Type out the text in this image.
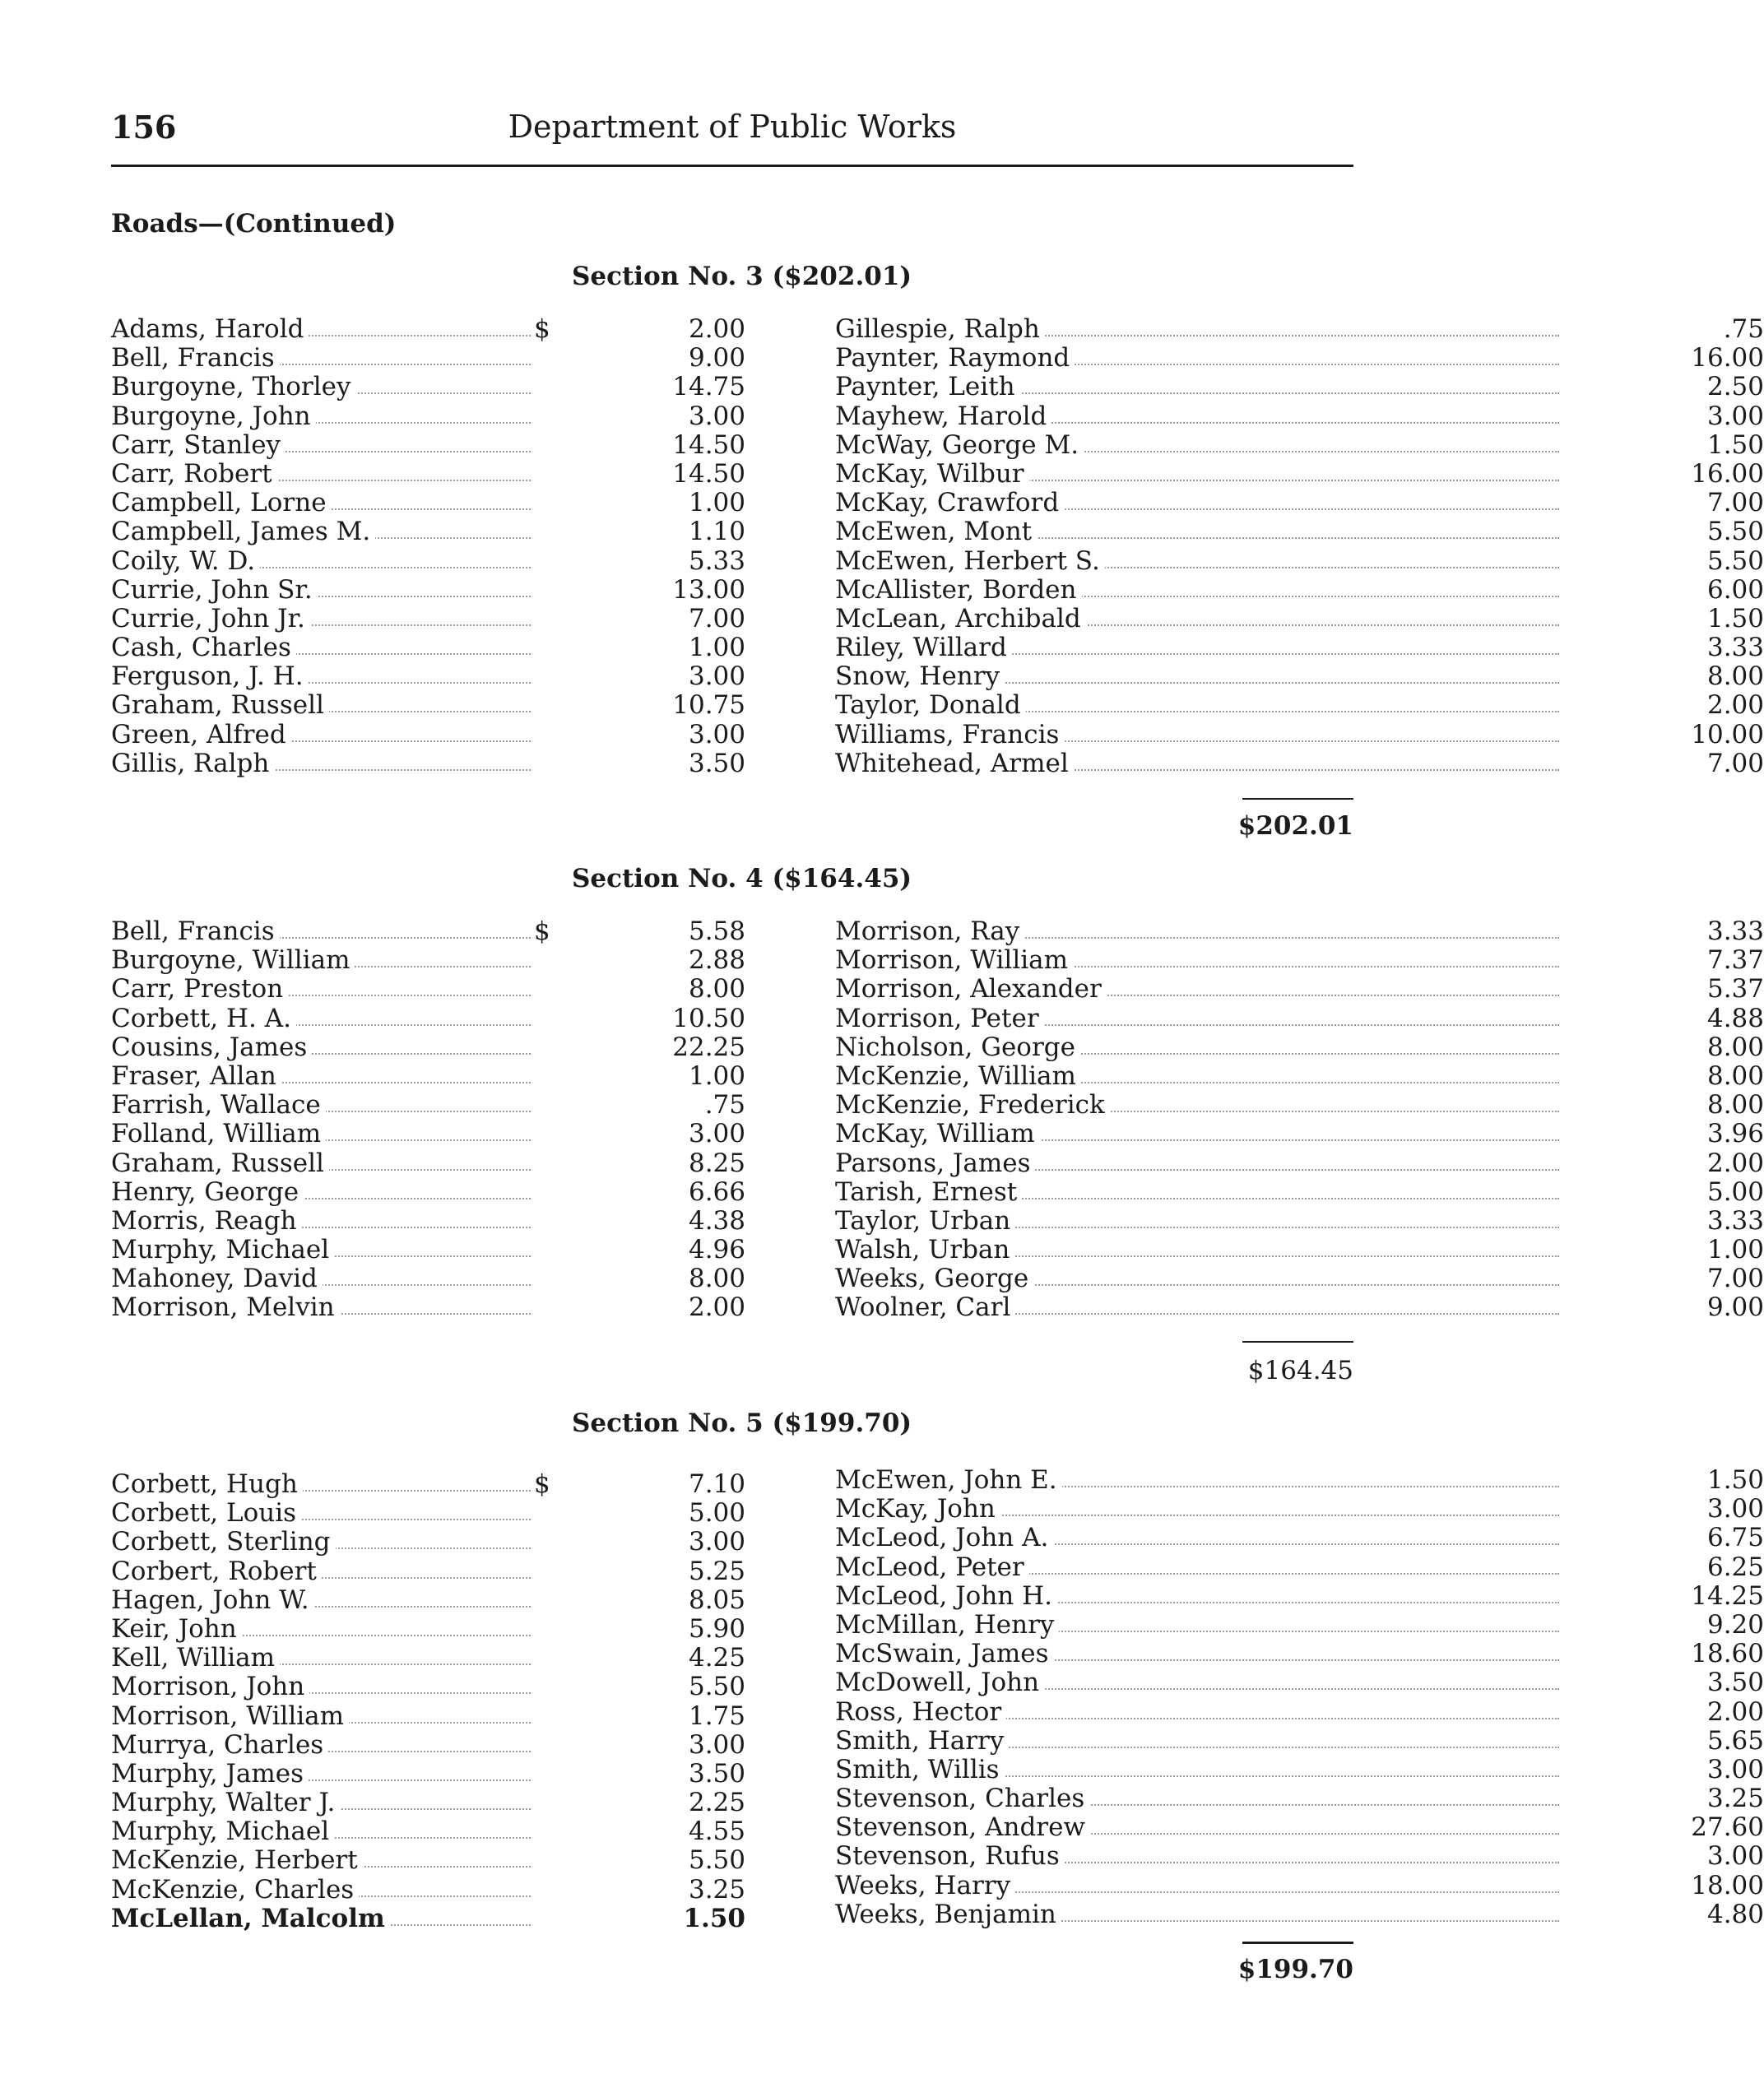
156	Department of Public Works
Roads—(Continued)
Section No. 3 ($202.01)
Adams, Harold	$	2.00
Bell, Francis	9.00
Burgoyne, Thorley	14.75
Burgoyne, John	3.00
Carr, Stanley	14.50
Carr, Robert	14.50
Campbell, Lorne	1.00
Campbell, James M.	1.10
Coily, W. D.	5.33
Currie, John Sr.	13.00
Currie, John Jr.	7.00
Cash, Charles	1.00
Ferguson, J. H.	3.00
Graham, Russell	10.75
Green, Alfred	3.00
Gillis, Ralph	3.50
Gillespie, Ralph	.75
Paynter, Raymond	16.00
Paynter, Leith	2.50
Mayhew, Harold	3.00
McWay, George M.	1.50
McKay, Wilbur	16.00
McKay, Crawford	7.00
McEwen, Mont	5.50
McEwen, Herbert S.	5.50
McAllister, Borden	6.00
McLean, Archibald	1.50
Riley, Willard	3.33
Snow, Henry	8.00
Taylor, Donald	2.00
Williams, Francis	10.00
Whitehead, Armel	7.00
$202.01
Section No. 4 ($164.45)
Bell, Francis	$	5.58
Burgoyne, William	2.88
Carr, Preston	8.00
Corbett, H. A.	10.50
Cousins, James	22.25
Fraser, Allan	1.00
Farrish, Wallace	.75
Folland, William	3.00
Graham, Russell	8.25
Henry, George	6.66
Morris, Reagh	4.38
Murphy, Michael	4.96
Mahoney, David	8.00
Morrison, Melvin	2.00
Morrison, Ray	3.33
Morrison, William	7.37
Morrison, Alexander	5.37
Morrison, Peter	4.88
Nicholson, George	8.00
McKenzie, William	8.00
McKenzie, Frederick	8.00
McKay, William	3.96
Parsons, James	2.00
Tarish, Ernest	5.00
Taylor, Urban	3.33
Walsh, Urban	1.00
Weeks, George	7.00
Woolner, Carl	9.00
$164.45
Section No. 5 ($199.70)
Corbett, Hugh	$	7.10
Corbett, Louis	5.00
Corbett, Sterling	3.00
Corbert, Robert	5.25
Hagen, John W.	8.05
Keir, John	5.90
Kell, William	4.25
Morrison, John	5.50
Morrison, William	1.75
Murrya, Charles	3.00
Murphy, James	3.50
Murphy, Walter J.	2.25
Murphy, Michael	4.55
McKenzie, Herbert	5.50
McKenzie, Charles	3.25
McLellan, Malcolm	1.50
McEwen, John E.	1.50
McKay, John	3.00
McLeod, John A.	6.75
McLeod, Peter	6.25
McLeod, John H.	14.25
McMillan, Henry	9.20
McSwain, James	18.60
McDowell, John	3.50
Ross, Hector	2.00
Smith, Harry	5.65
Smith, Willis	3.00
Stevenson, Charles	3.25
Stevenson, Andrew	27.60
Stevenson, Rufus	3.00
Weeks, Harry	18.00
Weeks, Benjamin	4.80
$199.70
